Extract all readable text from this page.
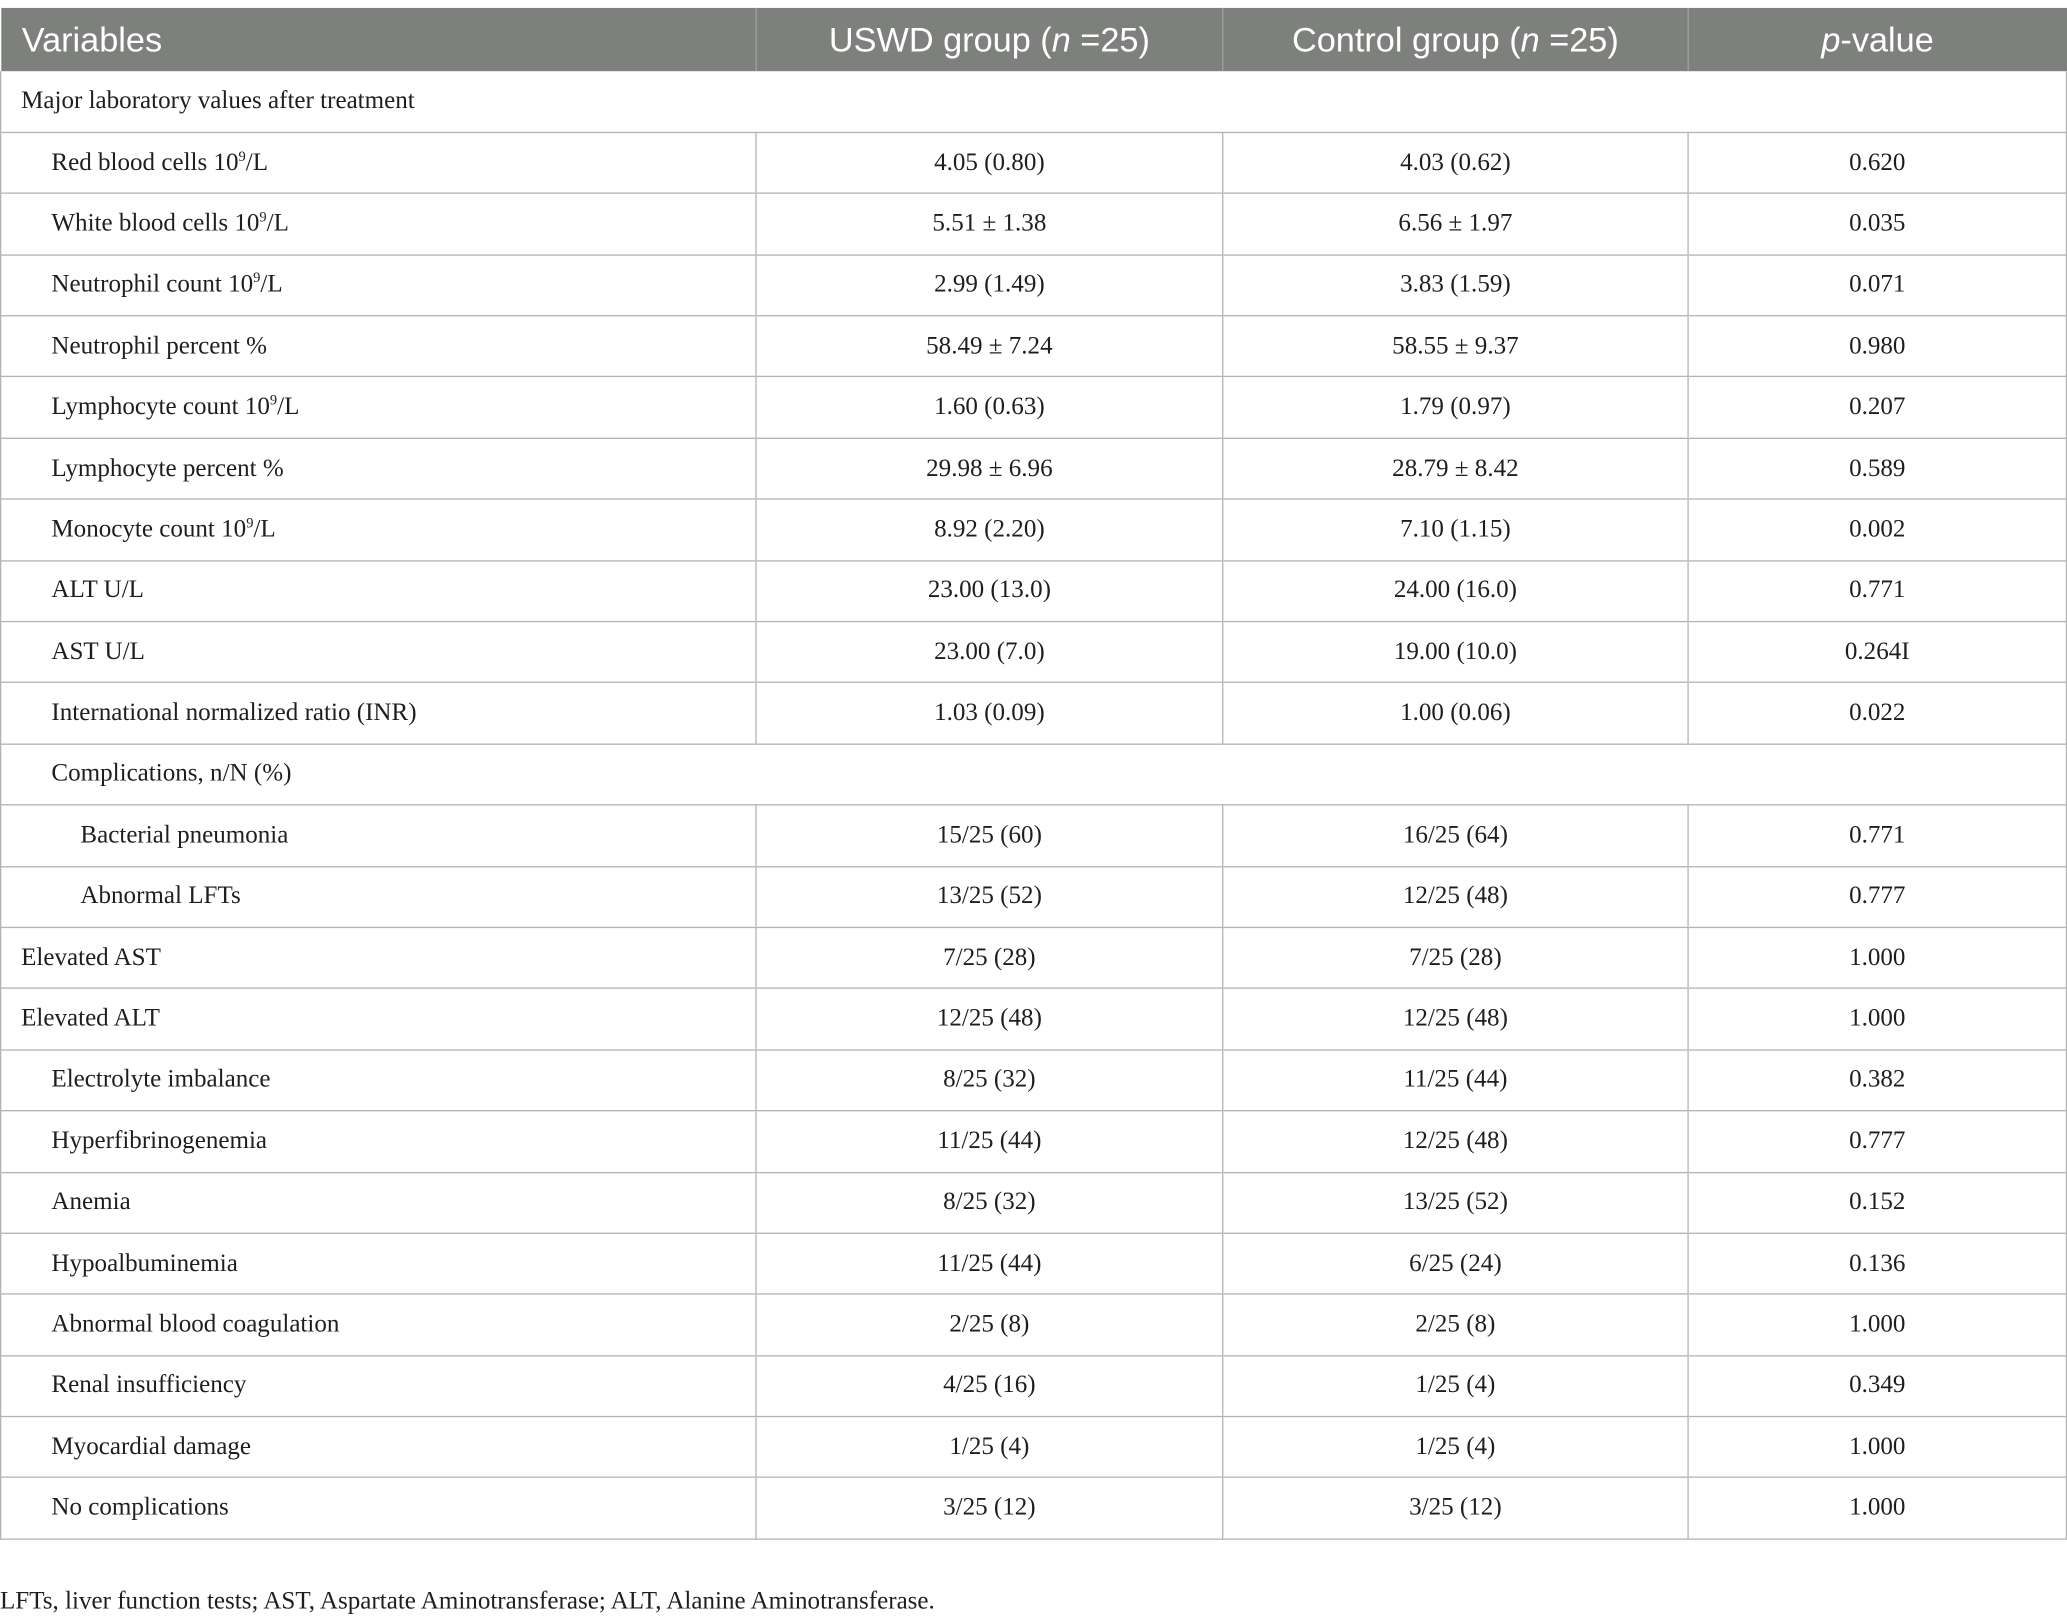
Variables	USWD group (n =25)	Control group (n =25)	p-value
Major laboratory values after treatment			
Red blood cells $10^9/L$	4.05 (0.80)	4.03 (0.62)	0.620
White blood cells $10^9/L$	5.51 ± 1.38	6.56 ± 1.97	0.035
Neutrophil count $10^9/L$	2.99 (1.49)	3.83 (1.59)	0.071
Neutrophil percent %	58.49 ± 7.24	58.55 ± 9.37	0.980
Lymphocyte count $10^9/L$	1.60 (0.63)	1.79 (0.97)	0.207
Lymphocyte percent %	29.98 ± 6.96	28.79 ± 8.42	0.589
Monocyte count $10^9/L$	8.92 (2.20)	7.10 (1.15)	0.002
ALT U/L	23.00 (13.0)	24.00 (16.0)	0.771
AST U/L	23.00 (7.0)	19.00 (10.0)	0.264I
International normalized ratio (INR)	1.03 (0.09)	1.00 (0.06)	0.022
Complications, n/N (%)			
Bacterial pneumonia	15/25 (60)	16/25 (64)	0.771
Abnormal LFTs	13/25 (52)	12/25 (48)	0.777
Elevated AST	7/25 (28)	7/25 (28)	1.000
Elevated ALT	12/25 (48)	12/25 (48)	1.000
Electrolyte imbalance	8/25 (32)	11/25 (44)	0.382
Hyperfibrinogenemia	11/25 (44)	12/25 (48)	0.777
Anemia	8/25 (32)	13/25 (52)	0.152
Hypoalbuminemia	11/25 (44)	6/25 (24)	0.136
Abnormal blood coagulation	2/25 (8)	2/25 (8)	1.000
Renal insufficiency	4/25 (16)	1/25 (4)	0.349
Myocardial damage	1/25 (4)	1/25 (4)	1.000
No complications	3/25 (12)	3/25 (12)	1.000
LFTs, liver function tests; AST, Aspartate Aminotransferase; ALT, Alanine Aminotransferase.
